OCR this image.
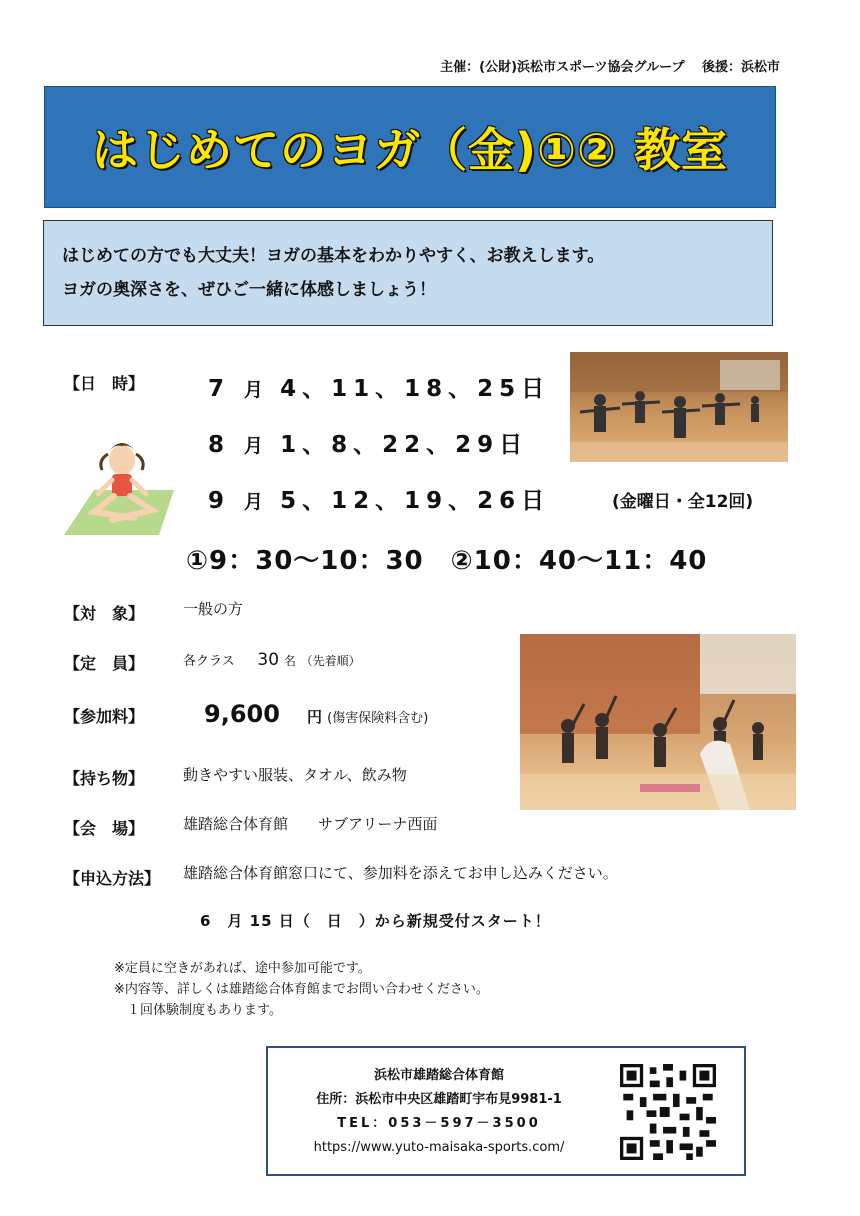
主催：(公財)浜松市スポーツ協会グループ　 後援：浜松市
はじめてのヨガ（金)①② 教室
はじめての方でも大丈夫！ヨガの基本をわかりやすく、お教えします。
ヨガの奥深さを、ぜひご一緒に体感しましょう！
【日　時】	7 月 4、11、18、25日
8 月 1、8、22、29日
9 月 5、12、19、26日	(金曜日・全12回)
①9：30～10：30　②10：40～11：40
【対　象】	一般の方
【定　員】	各クラス 30 名 （先着順）
【参加料】 9,600 円 (傷害保険料含む)
【持ち物】	動きやすい服装、タオル、飲み物
【会　場】	雄踏総合体育館　　サブアリーナ西面
【申込方法】 雄踏総合体育館窓口にて、参加料を添えてお申し込みください。
6　月 15 日（　日　）から新規受付スタート！
※定員に空きがあれば、途中参加可能です。
※内容等、詳しくは雄踏総合体育館までお問い合わせください。
　１回体験制度もあります。
浜松市雄踏総合体育館
住所：浜松市中央区雄踏町宇布見9981-1
TEL：053－597－3500
https://www.yuto-maisaka-sports.com/
